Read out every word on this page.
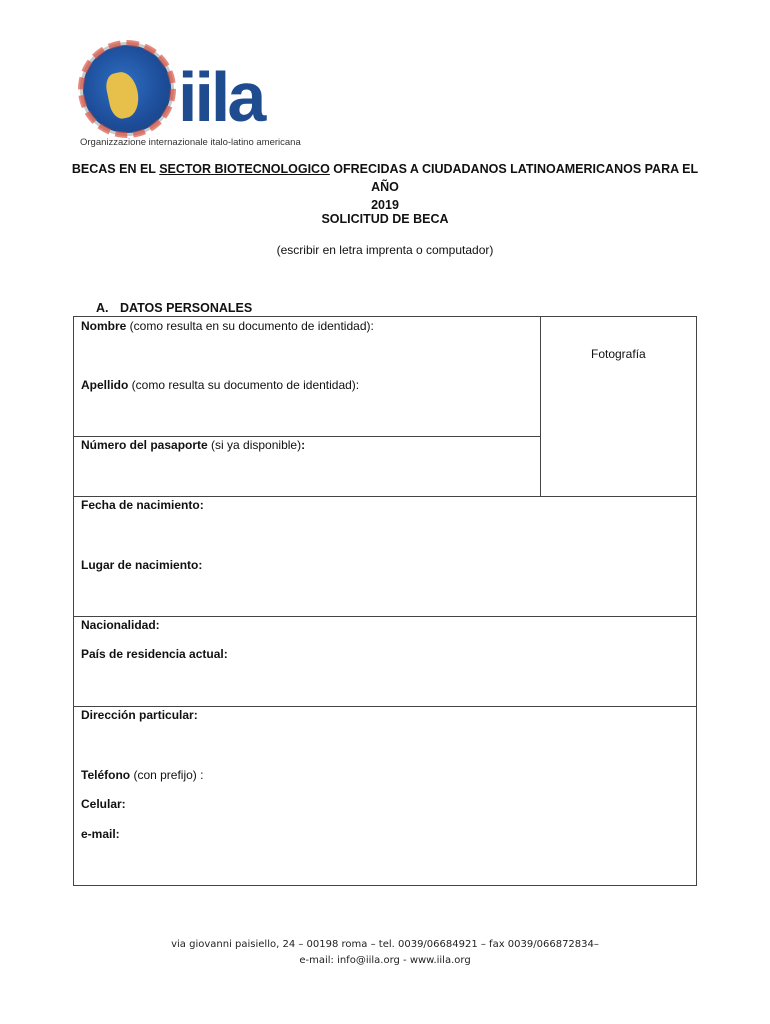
iila
Organizzazione internazionale italo-latino americana
BECAS EN EL SECTOR BIOTECNOLOGICO OFRECIDAS A CIUDADANOS LATINOAMERICANOS PARA EL AÑO
2019
SOLICITUD DE BECA
(escribir en letra imprenta o computador)
A. DATOS PERSONALES
Nombre (como resulta en su documento de identidad):
Apellido (como resulta su documento de identidad):
Número del pasaporte (si ya disponible):
Fotografía
Fecha de nacimiento:
Lugar de nacimiento:
Nacionalidad:
País de residencia actual:
Dirección particular:
Teléfono (con prefijo) :
Celular:
e-mail:
via giovanni paisiello, 24 – 00198 roma – tel. 0039/06684921 – fax 0039/066872834–
e-mail: info@iila.org - www.iila.org
